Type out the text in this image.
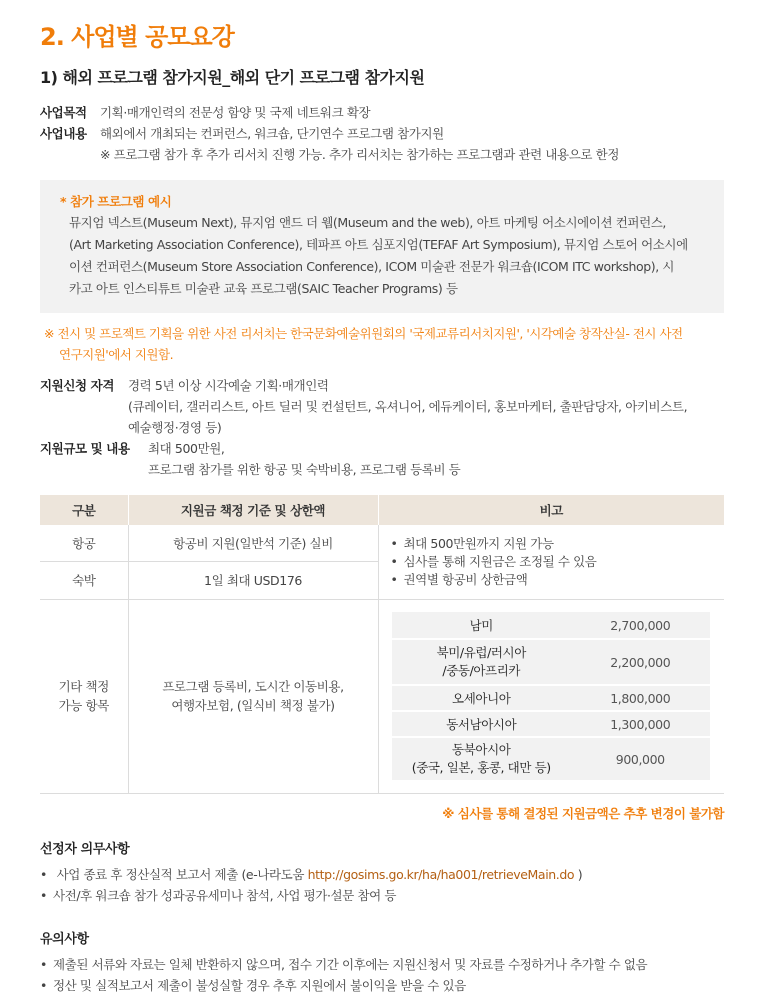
2. 사업별 공모요강
1) 해외 프로그램 참가지원_해외 단기 프로그램 참가지원
사업목적	기획·매개인력의 전문성 함양 및 국제 네트워크 확장
사업내용	해외에서 개최되는 컨퍼런스, 워크숍, 단기연수 프로그램 참가지원
※ 프로그램 참가 후 추가 리서치 진행 가능. 추가 리서치는 참가하는 프로그램과 관련 내용으로 한정
* 참가 프로그램 예시
뮤지엄 넥스트(Museum Next), 뮤지엄 앤드 더 웹(Museum and the web), 아트 마케팅 어소시에이션 컨퍼런스,
(Art Marketing Association Conference), 테파프 아트 심포지엄(TEFAF Art Symposium), 뮤지엄 스토어 어소시에
이션 컨퍼런스(Museum Store Association Conference), ICOM 미술관 전문가 워크숍(ICOM ITC workshop), 시
카고 아트 인스티튜트 미술관 교육 프로그램(SAIC Teacher Programs) 등
※ 전시 및 프로젝트 기획을 위한 사전 리서치는 한국문화예술위원회의 '국제교류리서치지원', '시각예술 창작산실- 전시 사전
연구지원'에서 지원함.
지원신청 자격	경력 5년 이상 시각예술 기획·매개인력
(큐레이터, 갤러리스트, 아트 딜러 및 컨설턴트, 옥셔니어, 에듀케이터, 홍보마케터, 출판담당자, 아키비스트,
예술행정·경영 등)
지원규모 및 내용	최대 500만원,
프로그램 참가를 위한 항공 및 숙박비용, 프로그램 등록비 등
구분	지원금 책정 기준 및 상한액	비고
항공	항공비 지원(일반석 기준) 실비	
•최대 500만원까지 지원 가능
• 심사를 통해 지원금은 조정될 수 있음
• 권역별 항공비 상한금액

숙박	1일 최대 USD176
기타 책정
가능 항목	프로그램 등록비, 도시간 이동비용,
여행자보험, (일식비 책정 불가)	
남미	2,700,000
북미/유럽/러시아
/중동/아프리카	2,200,000
오세아니아	1,800,000
동서남아시아	1,300,000
동북아시아
(중국, 일본, 홍콩, 대만 등)	900,000
※ 심사를 통해 결정된 지원금액은 추후 변경이 불가함
선정자 의무사항
• 사업 종료 후 정산실적 보고서 제출 (e-나라도움 http://gosims.go.kr/ha/ha001/retrieveMain.do )
• 사전/후 워크숍 참가 성과공유세미나 참석, 사업 평가·설문 참여 등
유의사항
• 제출된 서류와 자료는 일체 반환하지 않으며, 접수 기간 이후에는 지원신청서 및 자료를 수정하거나 추가할 수 없음
• 정산 및 실적보고서 제출이 불성실할 경우 추후 지원에서 불이익을 받을 수 있음
